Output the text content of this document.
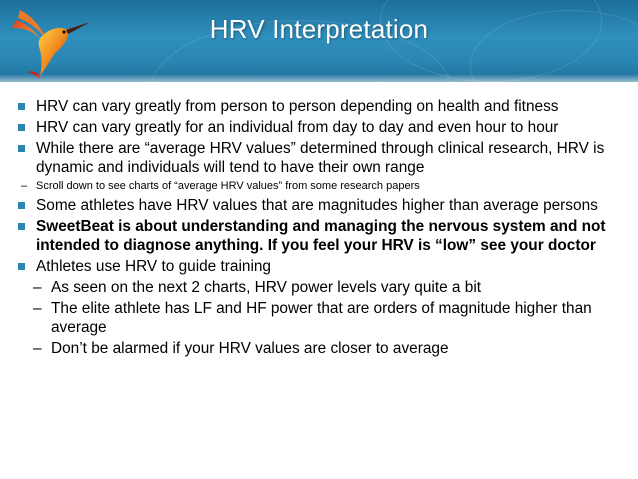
HRV Interpretation
HRV can vary greatly from person to person depending on health and fitness
HRV can vary greatly for an individual from day to day and even hour to hour
While there are “average HRV values” determined through clinical research, HRV is dynamic and individuals will tend to have their own range
– Scroll down to see charts of “average HRV values” from some research papers
Some athletes have HRV values that are magnitudes higher than average persons
SweetBeat is about understanding and managing the nervous system and not intended to diagnose anything. If you feel your HRV is “low” see your doctor
Athletes use HRV to guide training
– As seen on the next 2 charts, HRV power levels vary quite a bit
– The elite athlete has LF and HF power that are orders of magnitude higher than average
– Don’t be alarmed if your HRV values are closer to average
